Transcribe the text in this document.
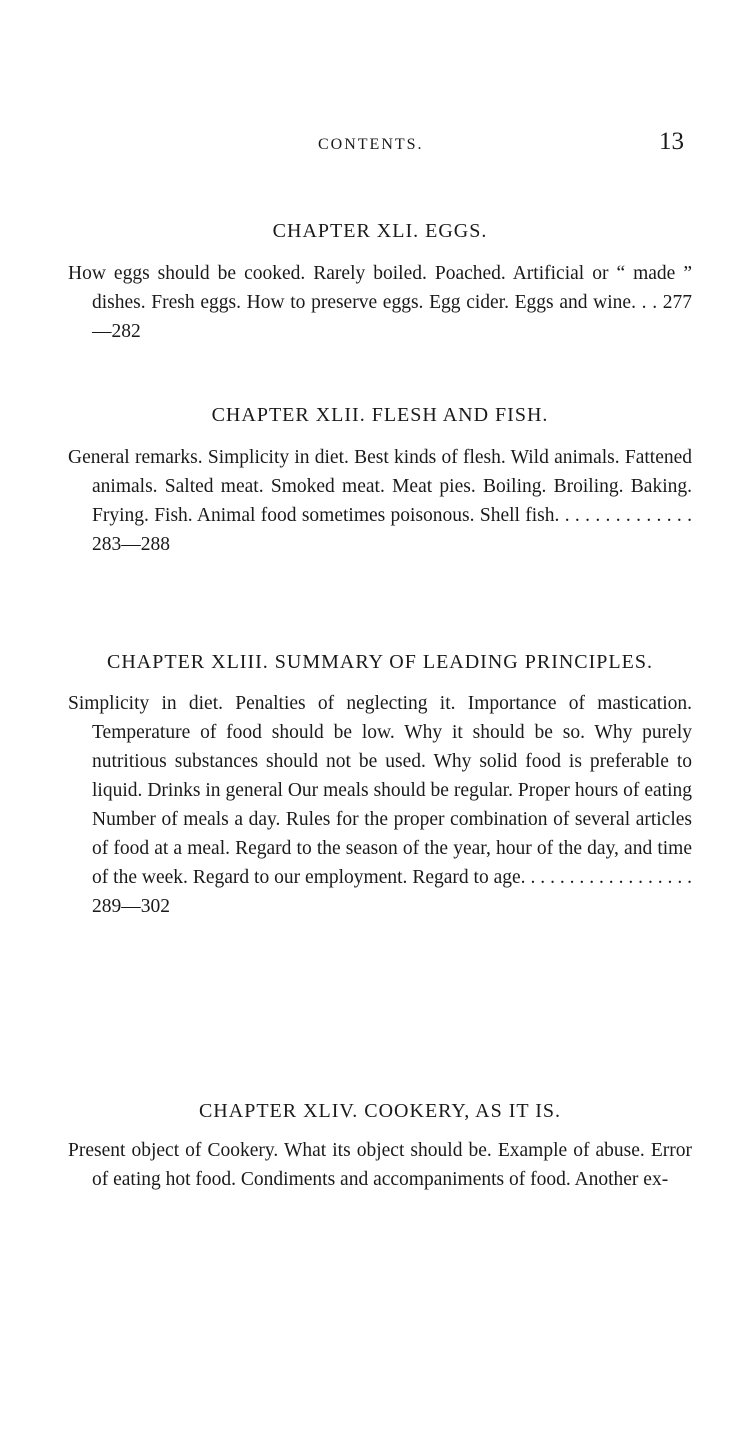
CONTENTS.	13

CHAPTER XLI. EGGS.

How eggs should be cooked. Rarely boiled. Poached. Artificial or “ made ” dishes. Fresh eggs. How to preserve eggs. Egg cider. Eggs and wine. . . 277—282

CHAPTER XLII. FLESH AND FISH.

General remarks. Simplicity in diet. Best kinds of flesh. Wild animals. Fattened animals. Salted meat. Smoked meat. Meat pies. Boiling. Broiling. Baking. Frying. Fish. Animal food sometimes poisonous. Shell fish. . . . . . . . . . . . . . 283—288

CHAPTER XLIII. SUMMARY OF LEADING PRINCIPLES.

Simplicity in diet. Penalties of neglecting it. Importance of mastication. Temperature of food should be low. Why it should be so. Why purely nutritious substances should not be used. Why solid food is preferable to liquid. Drinks in general Our meals should be regular. Proper hours of eating Number of meals a day. Rules for the proper combination of several articles of food at a meal. Regard to the season of the year, hour of the day, and time of the week. Regard to our employment. Regard to age. . . . . . . . . . . . . . . . . . 289—302

CHAPTER XLIV. COOKERY, AS IT IS.

Present object of Cookery. What its object should be. Example of abuse. Error of eating hot food. Condiments and accompaniments of food. Another ex-
